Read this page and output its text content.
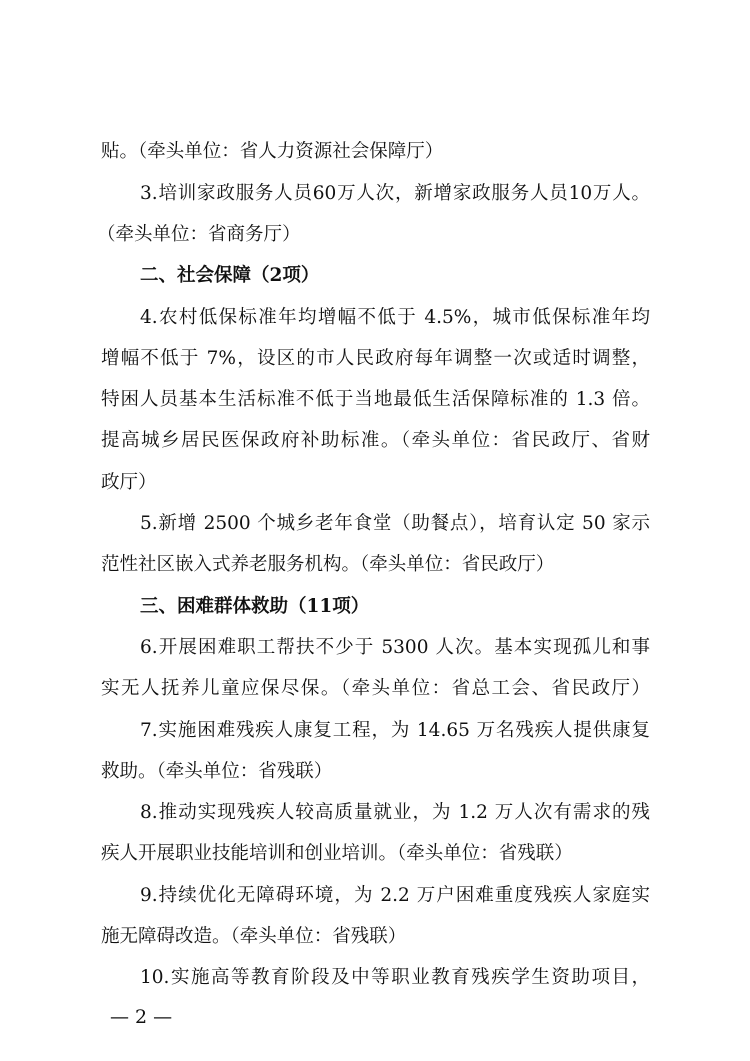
贴。（牵头单位：省人力资源社会保障厅）
3.培训家政服务人员60万人次，新增家政服务人员10万人。
（牵头单位：省商务厅）
二、社会保障（2项）
4.农村低保标准年均增幅不低于 4.5%，城市低保标准年均
增幅不低于 7%，设区的市人民政府每年调整一次或适时调整，
特困人员基本生活标准不低于当地最低生活保障标准的 1.3 倍。
提高城乡居民医保政府补助标准。（牵头单位：省民政厅、省财
政厅）
5.新增 2500 个城乡老年食堂（助餐点），培育认定 50 家示
范性社区嵌入式养老服务机构。（牵头单位：省民政厅）
三、困难群体救助（11项）
6.开展困难职工帮扶不少于 5300 人次。基本实现孤儿和事
实无人抚养儿童应保尽保。（牵头单位：省总工会、省民政厅）
7.实施困难残疾人康复工程，为 14.65 万名残疾人提供康复
救助。（牵头单位：省残联）
8.推动实现残疾人较高质量就业，为 1.2 万人次有需求的残
疾人开展职业技能培训和创业培训。（牵头单位：省残联）
9.持续优化无障碍环境，为 2.2 万户困难重度残疾人家庭实
施无障碍改造。（牵头单位：省残联）
10.实施高等教育阶段及中等职业教育残疾学生资助项目，
— 2 —
